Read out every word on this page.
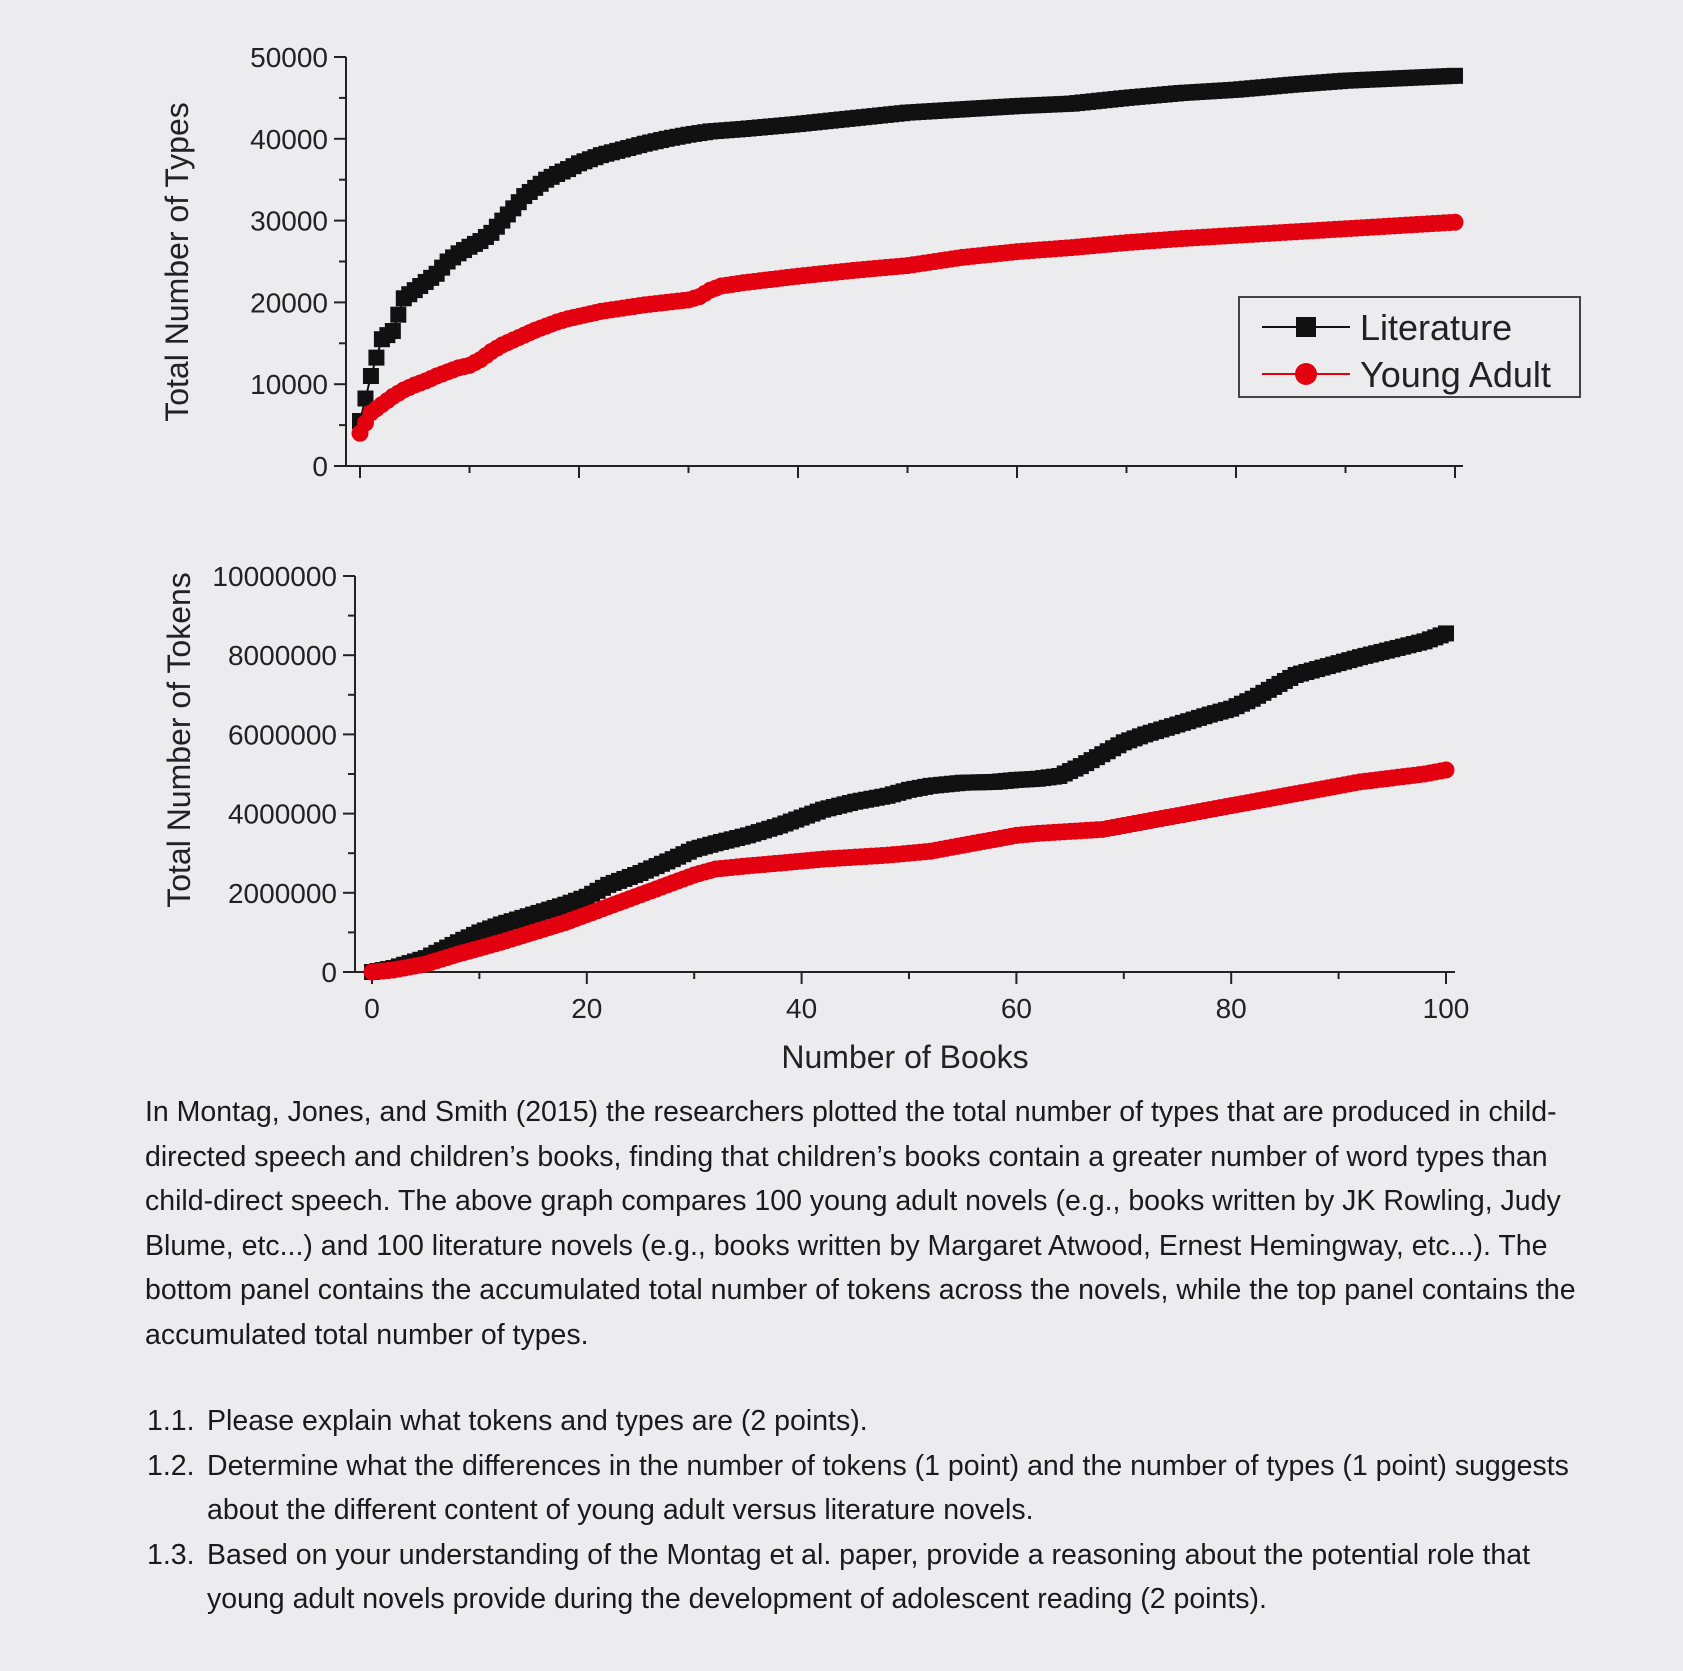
0
10000
20000
30000
40000
50000
Total Number of Types	Literature
Young Adult
0
2000000
4000000
6000000
8000000
10000000
0	20	40	60	80	100
Total Number of Tokens
Number of Books

In Montag, Jones, and Smith (2015) the researchers plotted the total number of types that are produced in child-directed speech and children’s books, finding that children’s books contain a greater number of word types than child-direct speech. The above graph compares 100 young adult novels (e.g., books written by JK Rowling, Judy Blume, etc...) and 100 literature novels (e.g., books written by Margaret Atwood, Ernest Hemingway, etc...). The bottom panel contains the accumulated total number of tokens across the novels, while the top panel contains the accumulated total number of types.

1.1. Please explain what tokens and types are (2 points).
1.2. Determine what the differences in the number of tokens (1 point) and the number of types (1 point) suggests about the different content of young adult versus literature novels.
1.3. Based on your understanding of the Montag et al. paper, provide a reasoning about the potential role that young adult novels provide during the development of adolescent reading (2 points).
